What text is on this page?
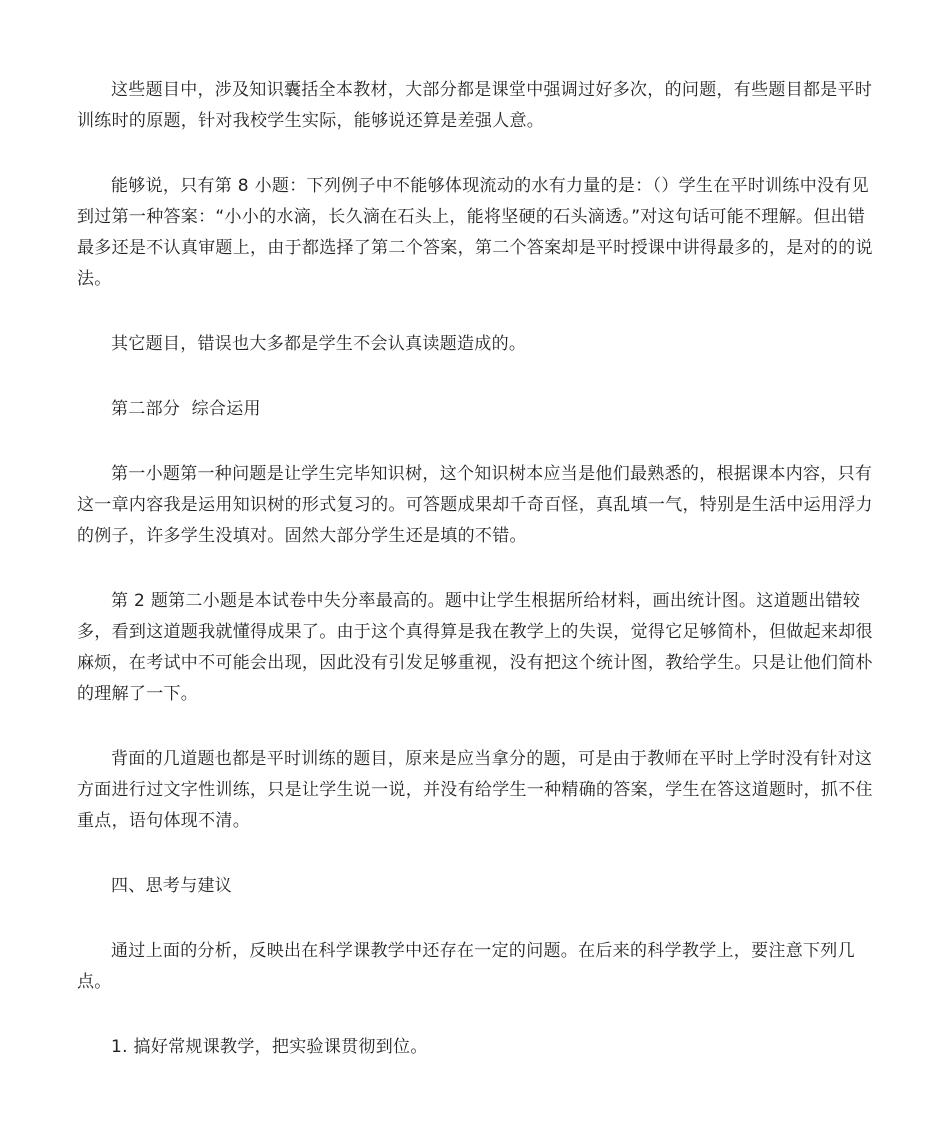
这些题目中，涉及知识囊括全本教材，大部分都是课堂中强调过好多次，的问题，有些题目都是平时训练时的原题，针对我校学生实际，能够说还算是差强人意。

能够说，只有第 8 小题：下列例子中不能够体现流动的水有力量的是：（）学生在平时训练中没有见到过第一种答案：“小小的水滴，长久滴在石头上，能将坚硬的石头滴透。”对这句话可能不理解。但出错最多还是不认真审题上，由于都选择了第二个答案，第二个答案却是平时授课中讲得最多的，是对的的说法。

其它题目，错误也大多都是学生不会认真读题造成的。

第二部分  综合运用

第一小题第一种问题是让学生完毕知识树，这个知识树本应当是他们最熟悉的，根据课本内容，只有这一章内容我是运用知识树的形式复习的。可答题成果却千奇百怪，真乱填一气，特别是生活中运用浮力的例子，许多学生没填对。固然大部分学生还是填的不错。

第 2 题第二小题是本试卷中失分率最高的。题中让学生根据所给材料，画出统计图。这道题出错较多，看到这道题我就懂得成果了。由于这个真得算是我在教学上的失误，觉得它足够简朴，但做起来却很麻烦，在考试中不可能会出现，因此没有引发足够重视，没有把这个统计图，教给学生。只是让他们简朴的理解了一下。

背面的几道题也都是平时训练的题目，原来是应当拿分的题，可是由于教师在平时上学时没有针对这方面进行过文字性训练，只是让学生说一说，并没有给学生一种精确的答案，学生在答这道题时，抓不住重点，语句体现不清。

四、思考与建议

通过上面的分析，反映出在科学课教学中还存在一定的问题。在后来的科学教学上，要注意下列几点。

1. 搞好常规课教学，把实验课贯彻到位。
